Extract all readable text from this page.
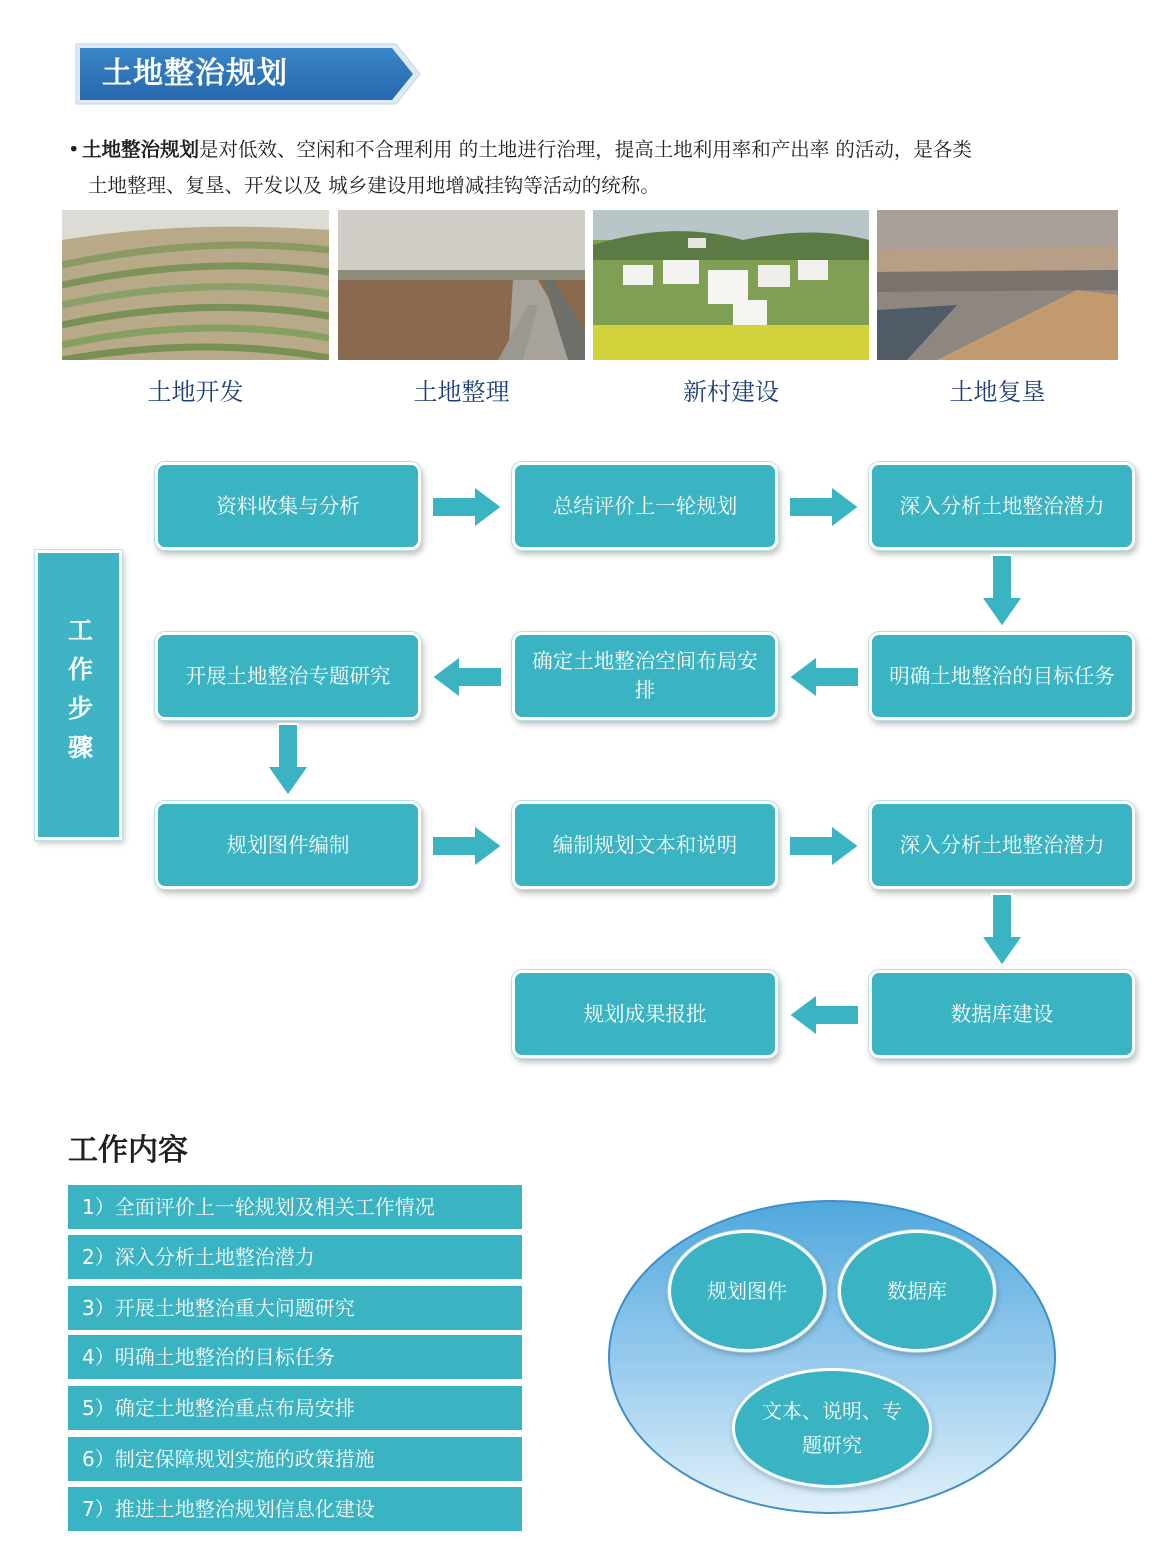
土地整治规划
• 土地整治规划是对低效、空闲和不合理利用 的土地进行治理，提高土地利用率和产出率 的活动，是各类
土地整理、复垦、开发以及 城乡建设用地增减挂钩等活动的统称。
土地开发	土地整理	新村建设	土地复垦
工作步骤
资料收集与分析	总结评价上一轮规划	深入分析土地整治潜力
明确土地整治的目标任务
确定土地整治空间布局安排
开展土地整治专题研究
规划图件编制	编制规划文本和说明	深入分析土地整治潜力
数据库建设
规划成果报批
工作内容
1）全面评价上一轮规划及相关工作情况
2）深入分析土地整治潜力
3）开展土地整治重大问题研究
4）明确土地整治的目标任务
5）确定土地整治重点布局安排
6）制定保障规划实施的政策措施
7）推进土地整治规划信息化建设
规划图件	数据库
文本、说明、专题研究
